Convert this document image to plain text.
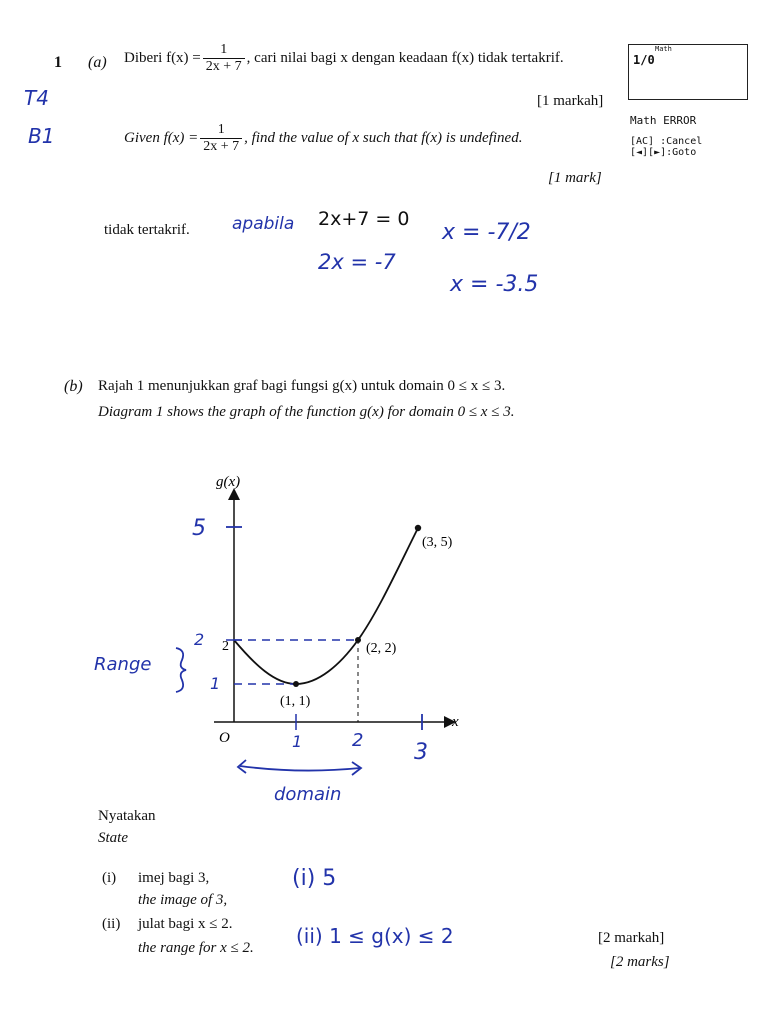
1 (a) Diberi $f(x) = \frac{1}{2x + 7}$ , cari nilai bagi x dengan keadaan f(x) tidak tertakrif.
[1 markah]
Given $f(x) = \frac{1}{2x + 7}$ , find the value of x such that f(x) is undefined.
[1 mark]
Math
1/0
Math ERROR
[AC] :Cancel
[◄][►]:Goto
T4
B1
tidak tertakrif. apabila 2x+7 = 0
2x = -7
x = -7/2
x = -3.5
(b) Rajah 1 menunjukkan graf bagi fungsi g(x) untuk domain 0 ≤ x ≤ 3.
Diagram 1 shows the graph of the function g(x) for domain 0 ≤ x ≤ 3.
g(x)
x
O
2
(1, 1)
(2, 2)
(3, 5)
5
2
1
1	2 3
Range
domain
Nyatakan
State
(i) imej bagi 3,
the image of 3,
(ii) julat bagi x ≤ 2.
the range for x ≤ 2.
(i) 5
(ii) 1 ≤ g(x) ≤ 2	[2 markah]
[2 marks]
